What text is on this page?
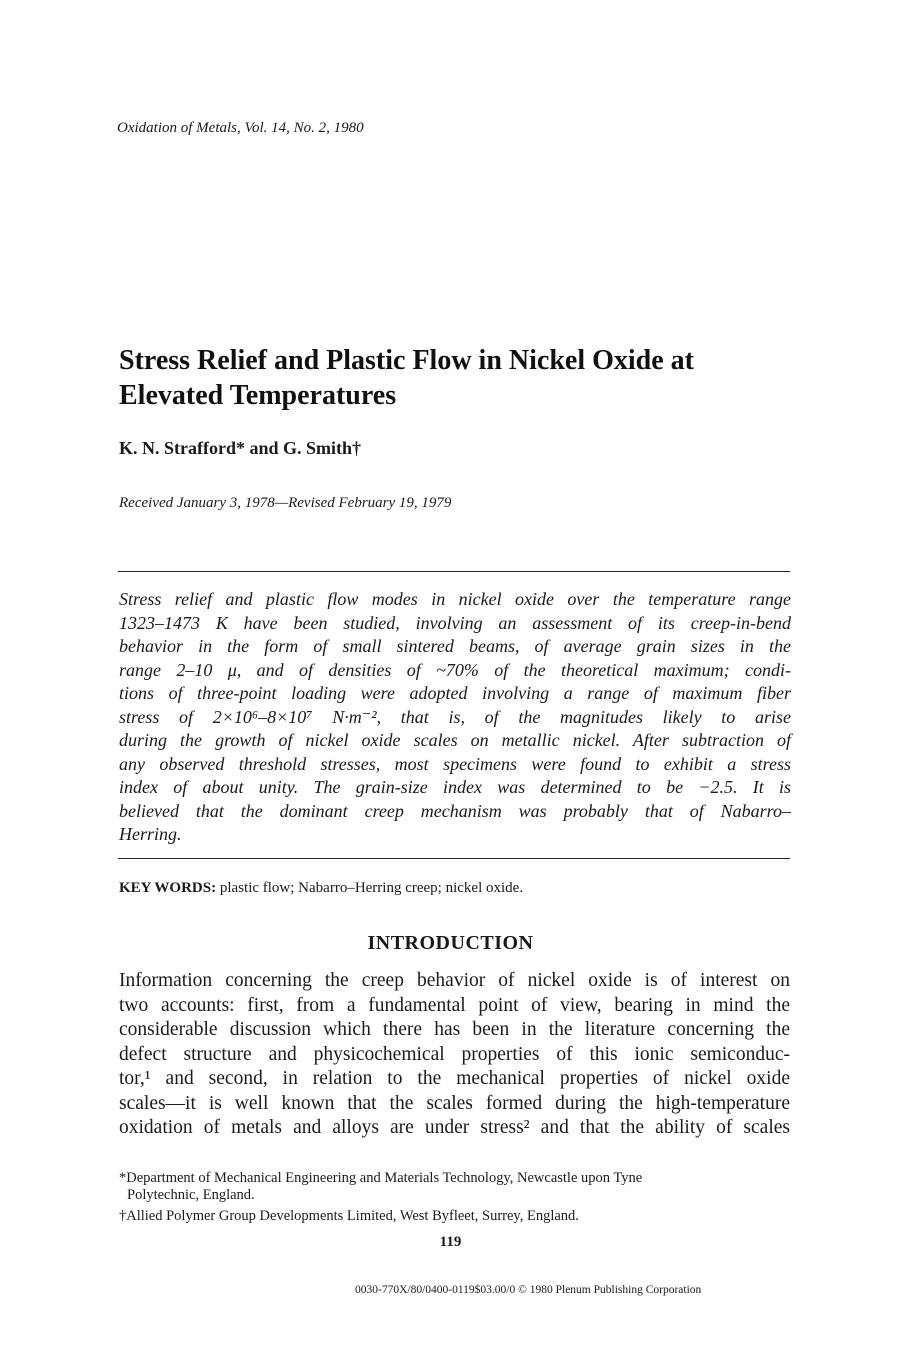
Oxidation of Metals, Vol. 14, No. 2, 1980
Stress Relief and Plastic Flow in Nickel Oxide at
Elevated Temperatures
K. N. Strafford* and G. Smith†
Received January 3, 1978—Revised February 19, 1979
Stress relief and plastic flow modes in nickel oxide over the temperature range
1323–1473 K have been studied, involving an assessment of its creep-in-bend
behavior in the form of small sintered beams, of average grain sizes in the
range 2–10 μ, and of densities of ~70% of the theoretical maximum; condi-
tions of three-point loading were adopted involving a range of maximum fiber
stress of 2×10⁶–8×10⁷ N·m⁻², that is, of the magnitudes likely to arise
during the growth of nickel oxide scales on metallic nickel. After subtraction of
any observed threshold stresses, most specimens were found to exhibit a stress
index of about unity. The grain-size index was determined to be −2.5. It is
believed that the dominant creep mechanism was probably that of Nabarro–
Herring.
KEY WORDS: plastic flow; Nabarro–Herring creep; nickel oxide.
INTRODUCTION
Information concerning the creep behavior of nickel oxide is of interest on
two accounts: first, from a fundamental point of view, bearing in mind the
considerable discussion which there has been in the literature concerning the
defect structure and physicochemical properties of this ionic semiconduc-
tor,¹ and second, in relation to the mechanical properties of nickel oxide
scales—it is well known that the scales formed during the high-temperature
oxidation of metals and alloys are under stress² and that the ability of scales
*Department of Mechanical Engineering and Materials Technology, Newcastle upon Tyne
Polytechnic, England.
†Allied Polymer Group Developments Limited, West Byfleet, Surrey, England.
119
0030-770X/80/0400-0119$03.00/0 © 1980 Plenum Publishing Corporation
